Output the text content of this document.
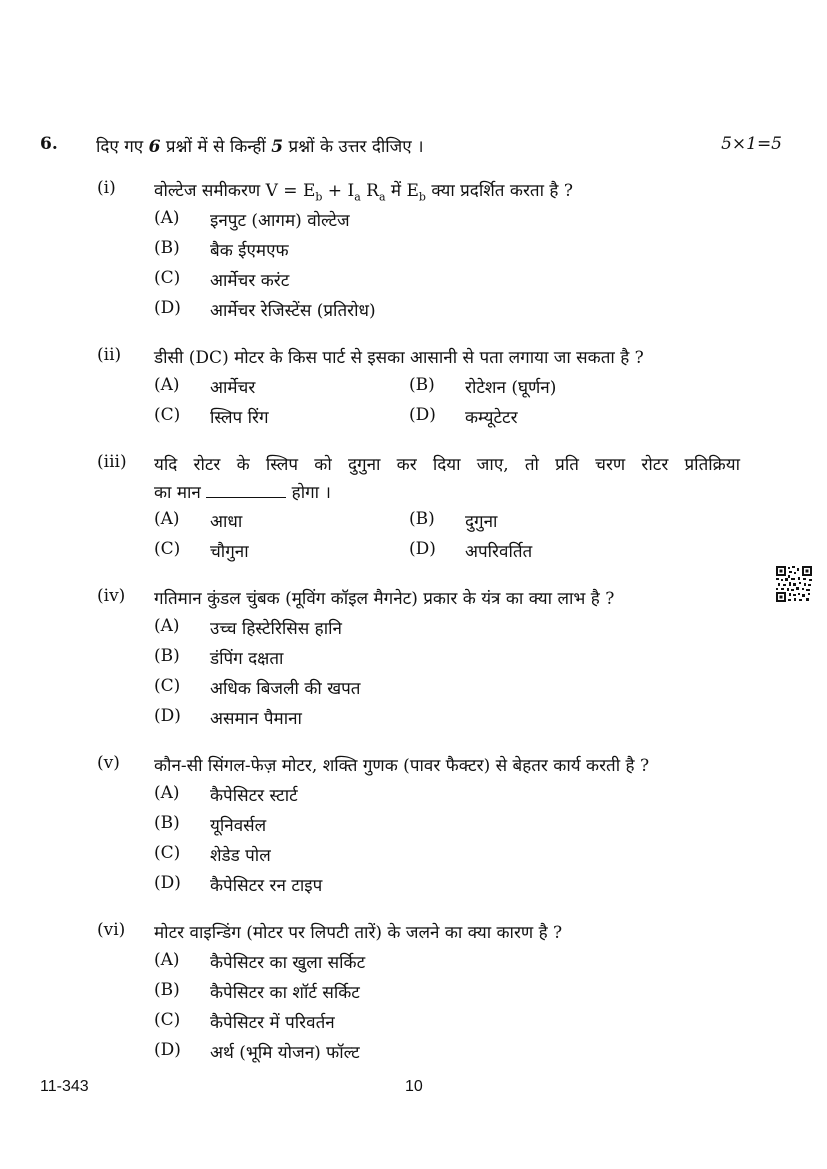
6. दिए गए 6 प्रश्नों में से किन्हीं 5 प्रश्नों के उत्तर दीजिए ।	5×1=5
(i) वोल्टेज समीकरण $V = E_b + I_a$ $R_a$ में $E_b$ क्या प्रदर्शित करता है ?
(A) इनपुट (आगम) वोल्टेज
(B) बैक ईएमएफ
(C) आर्मेचर करंट
(D) आर्मेचर रेजिस्टेंस (प्रतिरोध)
(ii) डीसी (DC) मोटर के किस पार्ट से इसका आसानी से पता लगाया जा सकता है ?
(A) आर्मेचर	(B) रोटेशन (घूर्णन)
(C) स्लिप रिंग	(D) कम्यूटेटर
(iii) यदि रोटर के स्लिप को दुगुना कर दिया जाए, तो प्रति चरण रोटर प्रतिक्रिया
का मान	होगा ।
(A) आधा	(B) दुगुना
(C) चौगुना	(D) अपरिवर्तित
(iv) गतिमान कुंडल चुंबक (मूविंग कॉइल मैगनेट) प्रकार के यंत्र का क्या लाभ है ?
(A) उच्च हिस्टेरिसिस हानि
(B) डंपिंग दक्षता
(C) अधिक बिजली की खपत
(D) असमान पैमाना
(v) कौन-सी सिंगल-फेज़ मोटर, शक्ति गुणक (पावर फैक्टर) से बेहतर कार्य करती है ?
(A) कैपेसिटर स्टार्ट
(B) यूनिवर्सल
(C) शेडेड पोल
(D) कैपेसिटर रन टाइप
(vi) मोटर वाइन्डिंग (मोटर पर लिपटी तारें) के जलने का क्या कारण है ?
(A) कैपेसिटर का खुला सर्किट
(B) कैपेसिटर का शॉर्ट सर्किट
(C) कैपेसिटर में परिवर्तन
(D) अर्थ (भूमि योजन) फॉल्ट
11-343	10
